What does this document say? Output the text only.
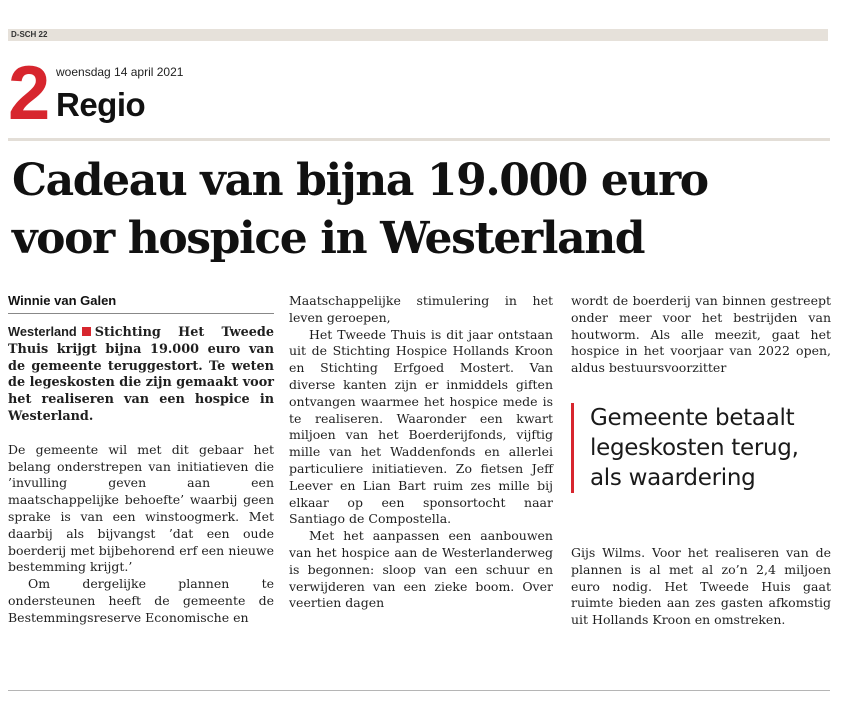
D-SCH 22
2 woensdag 14 april 2021
Regio
Cadeau van bijna 19.000 euro
voor hospice in Westerland
Winnie van Galen

Westerland Stichting Het Tweede Thuis krijgt bijna 19.000 euro van de gemeente teruggestort. Te weten de legeskosten die zijn gemaakt voor het realiseren van een hospice in Westerland.

De gemeente wil met dit gebaar het belang onderstrepen van initiatieven die ’invulling geven aan een maatschappelijke behoefte’ waarbij geen sprake is van een winstoogmerk. Met daarbij als bijvangst ’dat een oude boerderij met bijbehorend erf een nieuwe bestemming krijgt.’

Om dergelijke plannen te ondersteunen heeft de gemeente de Bestemmingsreserve Economische en

Maatschappelijke stimulering in het leven geroepen,

Het Tweede Thuis is dit jaar ontstaan uit de Stichting Hospice Hollands Kroon en Stichting Erfgoed Mostert. Van diverse kanten zijn er inmiddels giften ontvangen waarmee het hospice mede is te realiseren. Waaronder een kwart miljoen van het Boerderijfonds, vijftig mille van het Waddenfonds en allerlei particuliere initiatieven. Zo fietsen Jeff Leever en Lian Bart ruim zes mille bij elkaar op een sponsortocht naar Santiago de Compostella.

Met het aanpassen een aanbouwen van het hospice aan de Westerlanderweg is begonnen: sloop van een schuur en verwijderen van een zieke boom. Over veertien dagen

wordt de boerderij van binnen gestreept onder meer voor het bestrijden van houtworm. Als alle meezit, gaat het hospice in het voorjaar van 2022 open, aldus bestuursvoorzitter

Gemeente betaalt legeskosten terug, als waardering

Gijs Wilms. Voor het realiseren van de plannen is al met al zo’n 2,4 miljoen euro nodig. Het Tweede Huis gaat ruimte bieden aan zes gasten afkomstig uit Hollands Kroon en omstreken.
